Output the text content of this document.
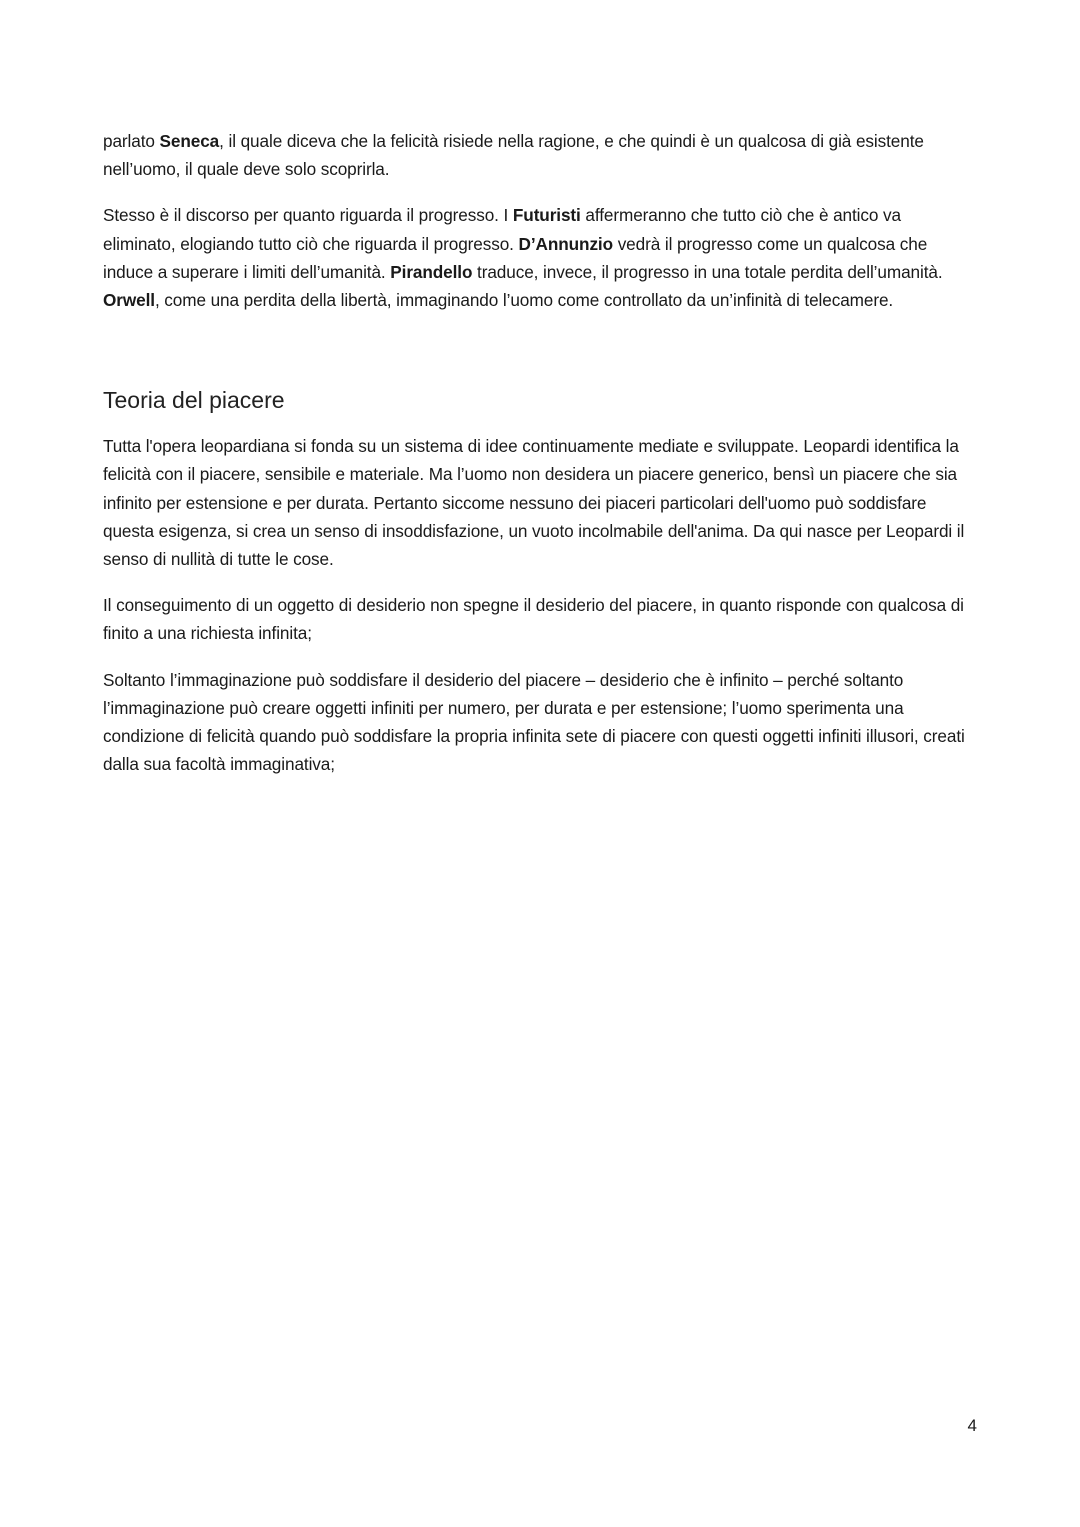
parlato Seneca, il quale diceva che la felicità risiede nella ragione, e che quindi è un qualcosa di già esistente nell’uomo, il quale deve solo scoprirla.

Stesso è il discorso per quanto riguarda il progresso. I Futuristi affermeranno che tutto ciò che è antico va eliminato, elogiando tutto ciò che riguarda il progresso. D’Annunzio vedrà il progresso come un qualcosa che induce a superare i limiti dell’umanità. Pirandello traduce, invece, il progresso in una totale perdita dell’umanità. Orwell, come una perdita della libertà, immaginando l’uomo come controllato da un’infinità di telecamere.

Teoria del piacere

Tutta l'opera leopardiana si fonda su un sistema di idee continuamente mediate e sviluppate. Leopardi identifica la felicità con il piacere, sensibile e materiale. Ma l’uomo non desidera un piacere generico, bensì un piacere che sia infinito per estensione e per durata. Pertanto siccome nessuno dei piaceri particolari dell'uomo può soddisfare questa esigenza, si crea un senso di insoddisfazione, un vuoto incolmabile dell'anima. Da qui nasce per Leopardi il senso di nullità di tutte le cose.

Il conseguimento di un oggetto di desiderio non spegne il desiderio del piacere, in quanto risponde con qualcosa di finito a una richiesta infinita;

Soltanto l’immaginazione può soddisfare il desiderio del piacere – desiderio che è infinito – perché soltanto l’immaginazione può creare oggetti infiniti per numero, per durata e per estensione; l’uomo sperimenta una condizione di felicità quando può soddisfare la propria infinita sete di piacere con questi oggetti infiniti illusori, creati dalla sua facoltà immaginativa;

4
